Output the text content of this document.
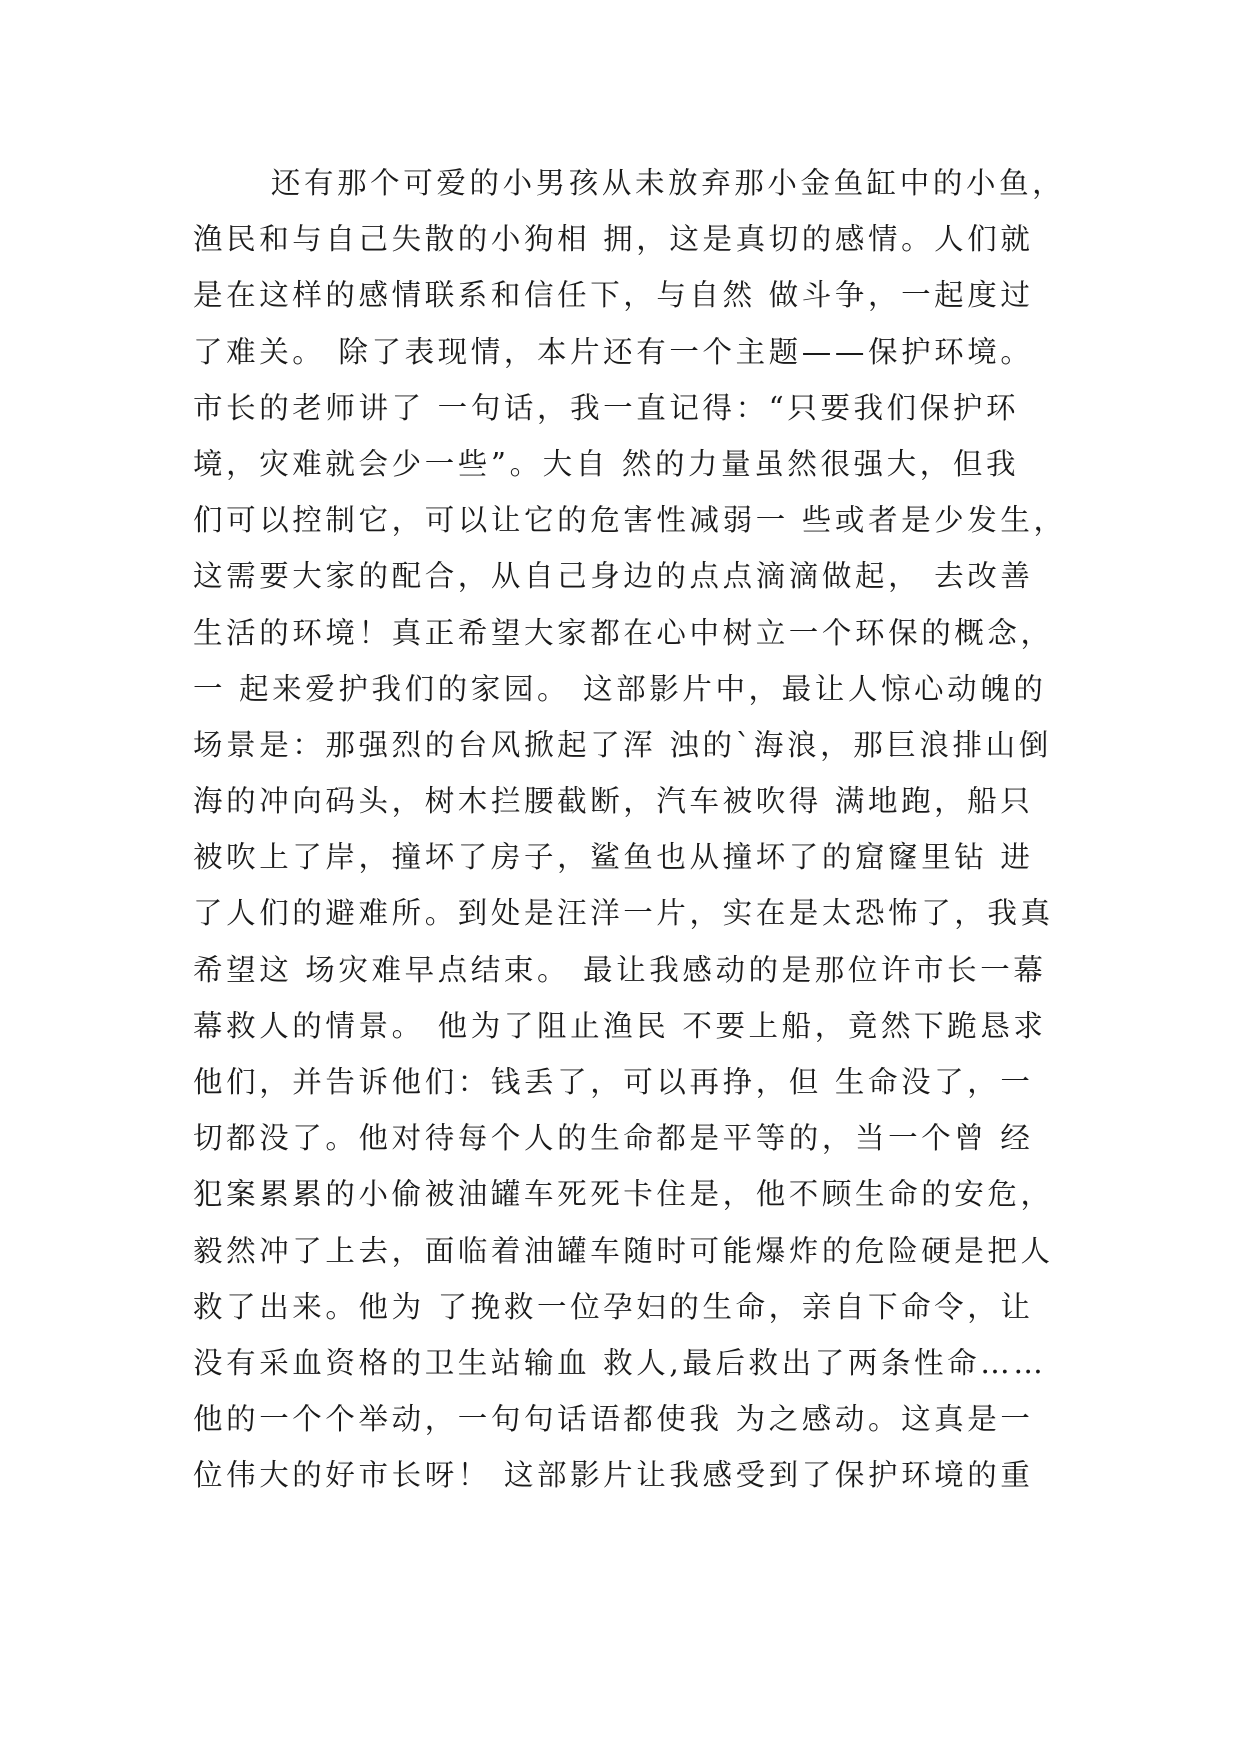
还有那个可爱的小男孩从未放弃那小金鱼缸中的小鱼，
渔民和与自己失散的小狗相 拥，这是真切的感情。人们就
是在这样的感情联系和信任下，与自然 做斗争，一起度过
了难关。 除了表现情，本片还有一个主题——保护环境。
市长的老师讲了 一句话，我一直记得：“只要我们保护环
境，灾难就会少一些”。大自 然的力量虽然很强大，但我
们可以控制它，可以让它的危害性减弱一 些或者是少发生，
这需要大家的配合，从自己身边的点点滴滴做起， 去改善
生活的环境！真正希望大家都在心中树立一个环保的概念，
一 起来爱护我们的家园。 这部影片中，最让人惊心动魄的
场景是：那强烈的台风掀起了浑 浊的`海浪，那巨浪排山倒
海的冲向码头，树木拦腰截断，汽车被吹得 满地跑，船只
被吹上了岸，撞坏了房子，鲨鱼也从撞坏了的窟窿里钻 进
了人们的避难所。到处是汪洋一片，实在是太恐怖了，我真
希望这 场灾难早点结束。 最让我感动的是那位许市长一幕
幕救人的情景。 他为了阻止渔民 不要上船，竟然下跪恳求
他们，并告诉他们：钱丢了，可以再挣，但 生命没了，一
切都没了。他对待每个人的生命都是平等的，当一个曾 经
犯案累累的小偷被油罐车死死卡住是，他不顾生命的安危，
毅然冲了上去，面临着油罐车随时可能爆炸的危险硬是把人
救了出来。他为 了挽救一位孕妇的生命，亲自下命令，让
没有采血资格的卫生站输血 救人,最后救出了两条性命……
他的一个个举动，一句句话语都使我 为之感动。这真是一
位伟大的好市长呀！ 这部影片让我感受到了保护环境的重
